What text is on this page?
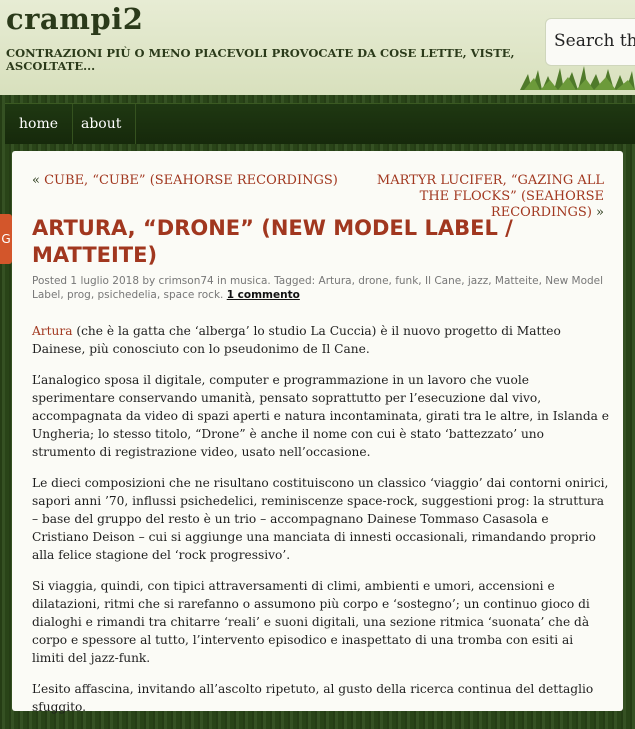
crampi2

CONTRAZIONI PIÙ O MENO PIACEVOLI PROVOCATE DA COSE LETTE, VISTE, ASCOLTATE...

Search this site
home	about
G
« CUBE, “CUBE” (SEAHORSE RECORDINGS)	MARTYR LUCIFER, “GAZING ALL THE FLOCKS” (SEAHORSE RECORDINGS) »
ARTURA, “DRONE” (NEW MODEL LABEL / MATTEITE)
Posted 1 luglio 2018 by crimson74 in musica. Tagged: Artura, drone, funk, Il Cane, jazz, Matteite, New Model Label, prog, psichedelia, space rock. 1 commento

Artura (che è la gatta che ‘alberga’ lo studio La Cuccia) è il nuovo progetto di Matteo Dainese, più conosciuto con lo pseudonimo de Il Cane.

L’analogico sposa il digitale, computer e programmazione in un lavoro che vuole sperimentare conservando umanità, pensato soprattutto per l’esecuzione dal vivo, accompagnata da video di spazi aperti e natura incontaminata, girati tra le altre, in Islanda e Ungheria; lo stesso titolo, “Drone” è anche il nome con cui è stato ‘battezzato’ uno strumento di registrazione video, usato nell’occasione.

Le dieci composizioni che ne risultano costituiscono un classico ‘viaggio’ dai contorni onirici, sapori anni ’70, influssi psichedelici, reminiscenze space-rock, suggestioni prog: la struttura – base del gruppo del resto è un trio – accompagnano Dainese Tommaso Casasola e Cristiano Deison – cui si aggiunge una manciata di innesti occasionali, rimandando proprio alla felice stagione del ‘rock progressivo’.

Si viaggia, quindi, con tipici attraversamenti di climi, ambienti e umori, accensioni e dilatazioni, ritmi che si rarefanno o assumono più corpo e ‘sostegno’; un continuo gioco di dialoghi e rimandi tra chitarre ‘reali’ e suoni digitali, una sezione ritmica ‘suonata’ che dà corpo e spessore al tutto, l’intervento episodico e inaspettato di una tromba con esiti ai limiti del jazz-funk.

L’esito affascina, invitando all’ascolto ripetuto, al gusto della ricerca continua del dettaglio sfuggito.
